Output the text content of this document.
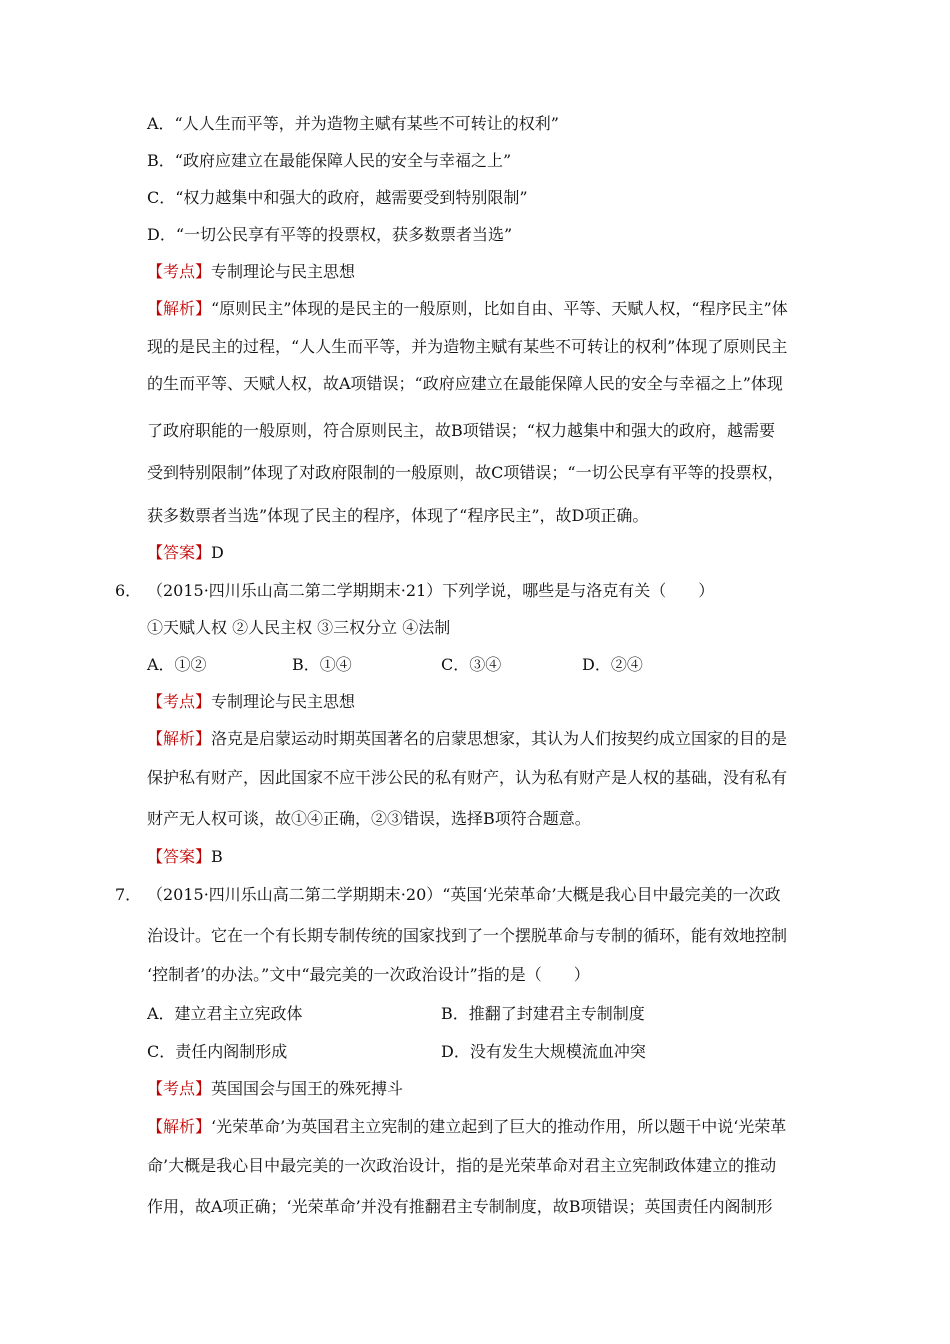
A．“人人生而平等，并为造物主赋有某些不可转让的权利”
B．“政府应建立在最能保障人民的安全与幸福之上”
C．“权力越集中和强大的政府，越需要受到特别限制”
D．“一切公民享有平等的投票权，获多数票者当选”
【考点】专制理论与民主思想
【解析】“原则民主”体现的是民主的一般原则，比如自由、平等、天赋人权，“程序民主”体
现的是民主的过程，“人人生而平等，并为造物主赋有某些不可转让的权利”体现了原则民主
的生而平等、天赋人权，故A项错误；“政府应建立在最能保障人民的安全与幸福之上”体现
了政府职能的一般原则，符合原则民主，故B项错误；“权力越集中和强大的政府，越需要
受到特别限制”体现了对政府限制的一般原则，故C项错误；“一切公民享有平等的投票权，
获多数票者当选”体现了民主的程序，体现了“程序民主”，故D项正确。
【答案】D
6． （2015·四川乐山高二第二学期期末·21）下列学说，哪些是与洛克有关（　　）
①天赋人权 ②人民主权 ③三权分立 ④法制
A．①②	B．①④	C．③④	D．②④
【考点】专制理论与民主思想
【解析】洛克是启蒙运动时期英国著名的启蒙思想家，其认为人们按契约成立国家的目的是
保护私有财产，因此国家不应干涉公民的私有财产，认为私有财产是人权的基础，没有私有
财产无人权可谈，故①④正确，②③错误，选择B项符合题意。
【答案】B
7． （2015·四川乐山高二第二学期期末·20）“英国‘光荣革命’大概是我心目中最完美的一次政
治设计。它在一个有长期专制传统的国家找到了一个摆脱革命与专制的循环，能有效地控制
‘控制者’的办法。”文中“最完美的一次政治设计”指的是（　　）
A．建立君主立宪政体	B．推翻了封建君主专制制度
C．责任内阁制形成	D．没有发生大规模流血冲突
【考点】英国国会与国王的殊死搏斗
【解析】‘光荣革命’为英国君主立宪制的建立起到了巨大的推动作用，所以题干中说‘光荣革
命’大概是我心目中最完美的一次政治设计，指的是光荣革命对君主立宪制政体建立的推动
作用，故A项正确；‘光荣革命’并没有推翻君主专制制度，故B项错误；英国责任内阁制形
